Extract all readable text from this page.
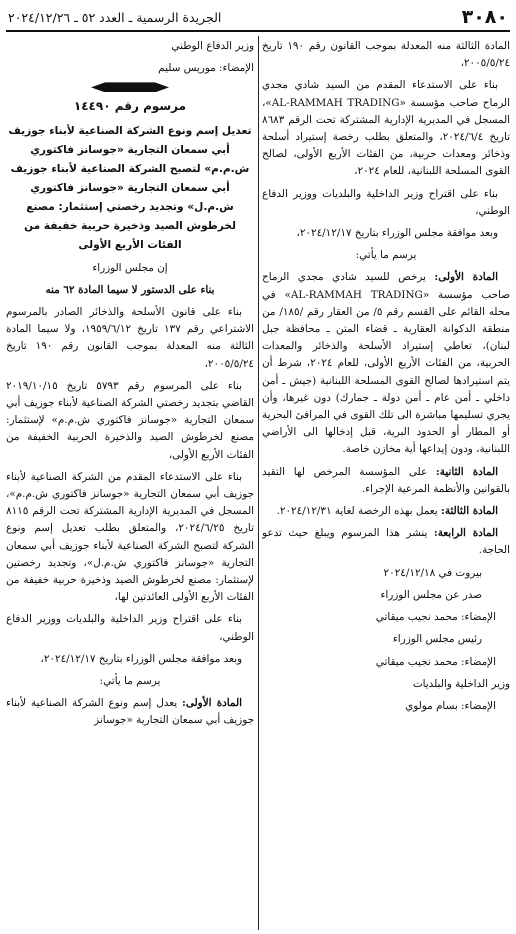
٣٠٨٠
الجريدة الرسمية ـ العدد ٥٢ ـ ٢٠٢٤/١٢/٢٦

المادة الثالثة منه المعدلة بموجب القانون رقم ١٩٠ تاريخ ٢٠٠٥/٥/٢٤،

بناء على الاستدعاء المقدم من السيد شادي مجدي الرماح صاحب مؤسسة «AL-RAMMAH TRADING»، المسجل في المديرية الإدارية المشتركة تحت الرقم ٨٦٨٣ تاريخ ٢٠٢٤/٦/٤، والمتعلق بطلب رخصة إستيراد أسلحة وذخائر ومعدات حربية، من الفئات الأربع الأولى، لصالح القوى المسلحة اللبنانية، للعام ٢٠٢٤،

بناء على اقتراح وزير الداخلية والبلديات ووزير الدفاع الوطني،

وبعد موافقة مجلس الوزراء بتاريخ ٢٠٢٤/١٢/١٧،

يرسم ما يأتي:

المادة الأولى: يرخص للسيد شادي مجدي الرماح صاحب مؤسسة «AL-RAMMAH TRADING» في محله القائم على القسم رقم ٥/ من العقار رقم /١٨٥/ من منطقة الدكوانة العقارية ـ قضاء المتن ـ محافظة جبل لبنان)، تعاطي إستيراد الأسلحة والذخائر والمعدات الحربية، من الفئات الأربع الأولى، للعام ٢٠٢٤، شرط أن يتم استيرادها لصالح القوى المسلحة اللبنانية (جيش ـ أمن داخلي ـ أمن عام ـ أمن دولة ـ جمارك) دون غيرها، وأن يجري تسليمها مباشرة الى تلك القوى في المرافئ البحرية أو المطار أو الحدود البرية، قبل إدخالها الى الأراضي اللبنانية، ودون إيداعها أية مخازن خاصة.

المادة الثانية: على المؤسسة المرخص لها التقيد بالقوانين والأنظمة المرعية الإجراء.

المادة الثالثة: يعمل بهذه الرخصة لغاية ٢٠٢٤/١٢/٣١.

المادة الرابعة: ينشر هذا المرسوم ويبلغ حيث تدعو الحاجة.

بيروت في ٢٠٢٤/١٢/١٨

صدر عن مجلس الوزراء

الإمضاء: محمد نجيب ميقاتي

رئيس مجلس الوزراء

الإمضاء: محمد نجيب ميقاتي

وزير الداخلية والبلديات

الإمضاء: بسام مولوي

وزير الدفاع الوطني

الإمضاء: موريس سليم

مرسوم رقم ١٤٤٩٠

تعديل إسم ونوع الشركة الصناعية لأبناء جوزيف أبي سمعان التجارية «جوسانز فاكتوري ش.م.م» لتصبح الشركة الصناعية لأبناء جوزيف أبي سمعان التجارية «جوسانز فاكتوري ش.م.ل» وتجديد رخصتي إستثمار: مصنع لخرطوش الصيد وذخيرة حربية خفيفة من الفئات الأربع الأولى

إن مجلس الوزراء

بناء على الدستور لا سيما المادة ٦٢ منه

بناء على قانون الأسلحة والذخائر الصادر بالمرسوم الاشتراعي رقم ١٣٧ تاريخ ١٩٥٩/٦/١٢، ولا سيما المادة الثالثة منه المعدلة بموجب القانون رقم ١٩٠ تاريخ ٢٠٠٥/٥/٢٤،

بناء على المرسوم رقم ٥٧٩٣ تاريخ ٢٠١٩/١٠/١٥ القاضي بتجديد رخصتي الشركة الصناعية لأبناء جوزيف أبي سمعان التجارية «جوسانز فاكتوري ش.م.م» لإستثمار: مصنع لخرطوش الصيد والذخيرة الحربية الخفيفة من الفئات الأربع الأولى،

بناء على الاستدعاء المقدم من الشركة الصناعية لأبناء جوزيف أبي سمعان التجارية «جوسانز فاكتوري ش.م.م»، المسجل في المديرية الإدارية المشتركة تحت الرقم ٨١١٥ تاريخ ٢٠٢٤/٦/٢٥، والمتعلق بطلب تعديل إسم ونوع الشركة لتصبح الشركة الصناعية لأبناء جوزيف أبي سمعان التجارية «جوسانز فاكتوري ش.م.ل»، وتجديد رخصتين لإستثمار: مصنع لخرطوش الصيد وذخيرة حربية خفيفة من الفئات الأربع الأولى العائدتين لها،

بناء على اقتراح وزير الداخلية والبلديات ووزير الدفاع الوطني،

وبعد موافقة مجلس الوزراء بتاريخ ٢٠٢٤/١٢/١٧،

يرسم ما يأتي:

المادة الأولى: يعدل إسم ونوع الشركة الصناعية لأبناء جوزيف أبي سمعان التجارية «جوسانز
